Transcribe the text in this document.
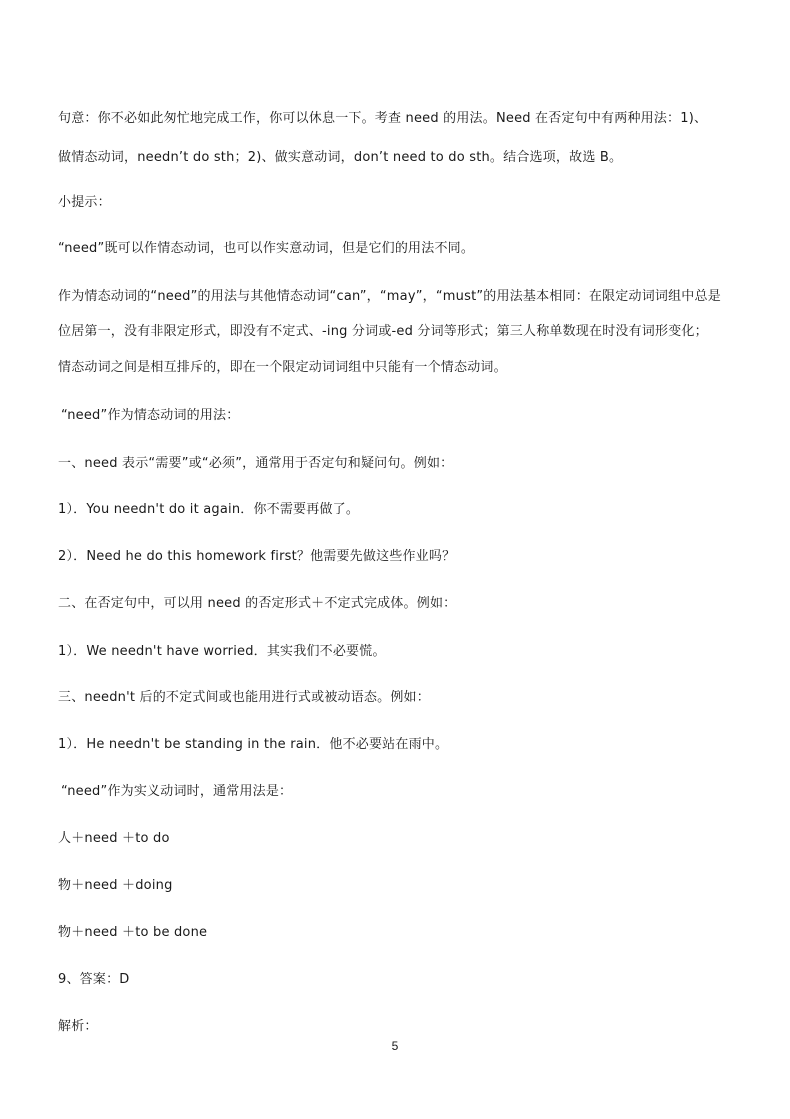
句意：你不必如此匆忙地完成工作，你可以休息一下。考查 need 的用法。Need 在否定句中有两种用法：1)、
做情态动词，needn’t do sth；2)、做实意动词，don’t need to do sth。结合选项，故选 B。
小提示：
“need”既可以作情态动词，也可以作实意动词，但是它们的用法不同。
作为情态动词的“need”的用法与其他情态动词“can”，“may”，“must”的用法基本相同：在限定动词词组中总是
位居第一，没有非限定形式，即没有不定式、-ing 分词或-ed 分词等形式；第三人称单数现在时没有词形变化；
情态动词之间是相互排斥的，即在一个限定动词词组中只能有一个情态动词。
“need”作为情态动词的用法：
一、need 表示“需要”或“必须”，通常用于否定句和疑问句。例如：
1）．You needn't do it again．你不需要再做了。
2）．Need he do this homework first？他需要先做这些作业吗？
二、在否定句中，可以用 need 的否定形式＋不定式完成体。例如：
1）．We needn't have worried．其实我们不必要慌。
三、needn't 后的不定式间或也能用进行式或被动语态。例如：
1）．He needn't be standing in the rain．他不必要站在雨中。
“need”作为实义动词时，通常用法是：
人＋need ＋to do
物＋need ＋doing
物＋need ＋to be done
9、答案：D
解析：
5
